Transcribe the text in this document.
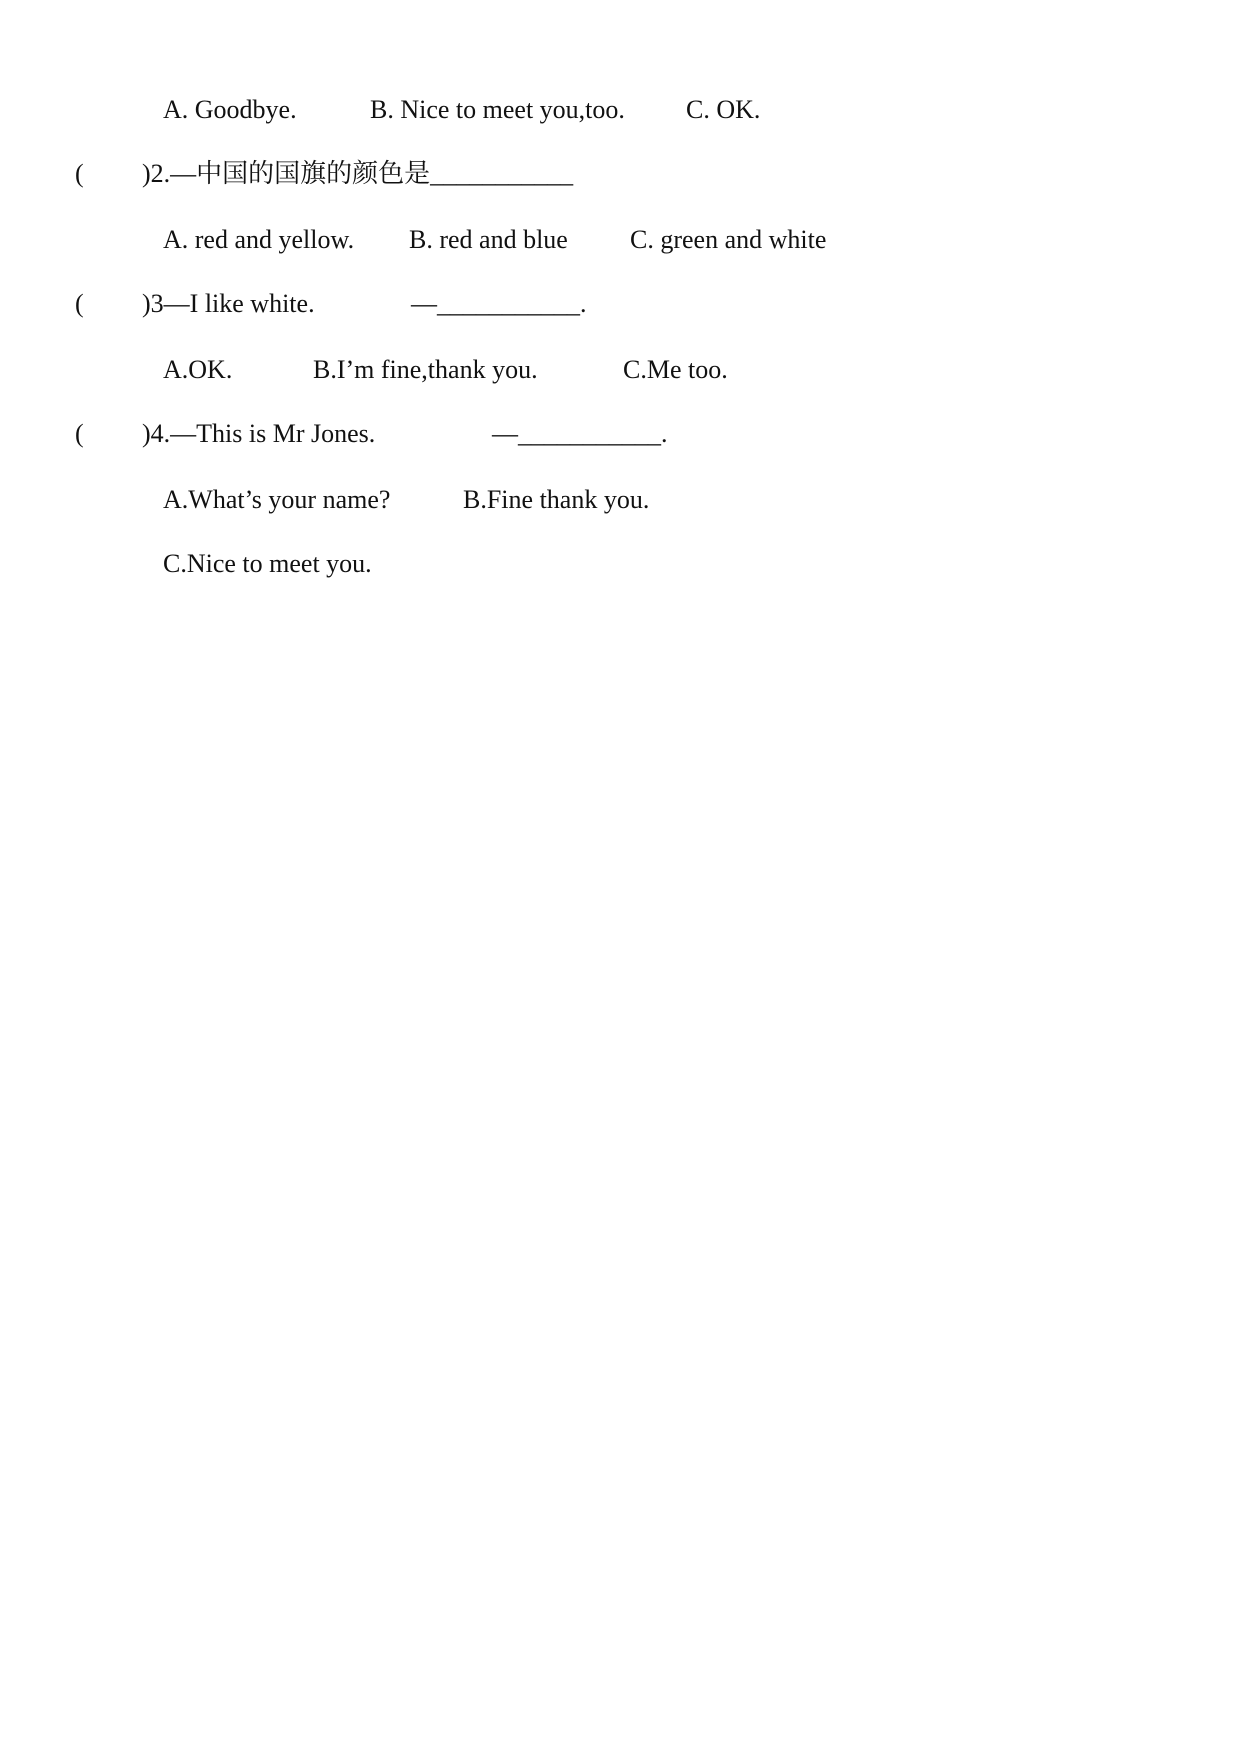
A. Goodbye.

	B. Nice to meet you,too.

C. OK.

(

)2.—中国的国旗的颜色是___________

A. red and yellow.

B. red and blue

C. green and white

(

)3—I like white.

	—___________.

A.OK.

	B.I’m fine,thank you.

	C.Me too.

(

)4.—This is Mr Jones.

	—___________.

A.What’s your name?

	B.Fine thank you.

C.Nice to meet you.
